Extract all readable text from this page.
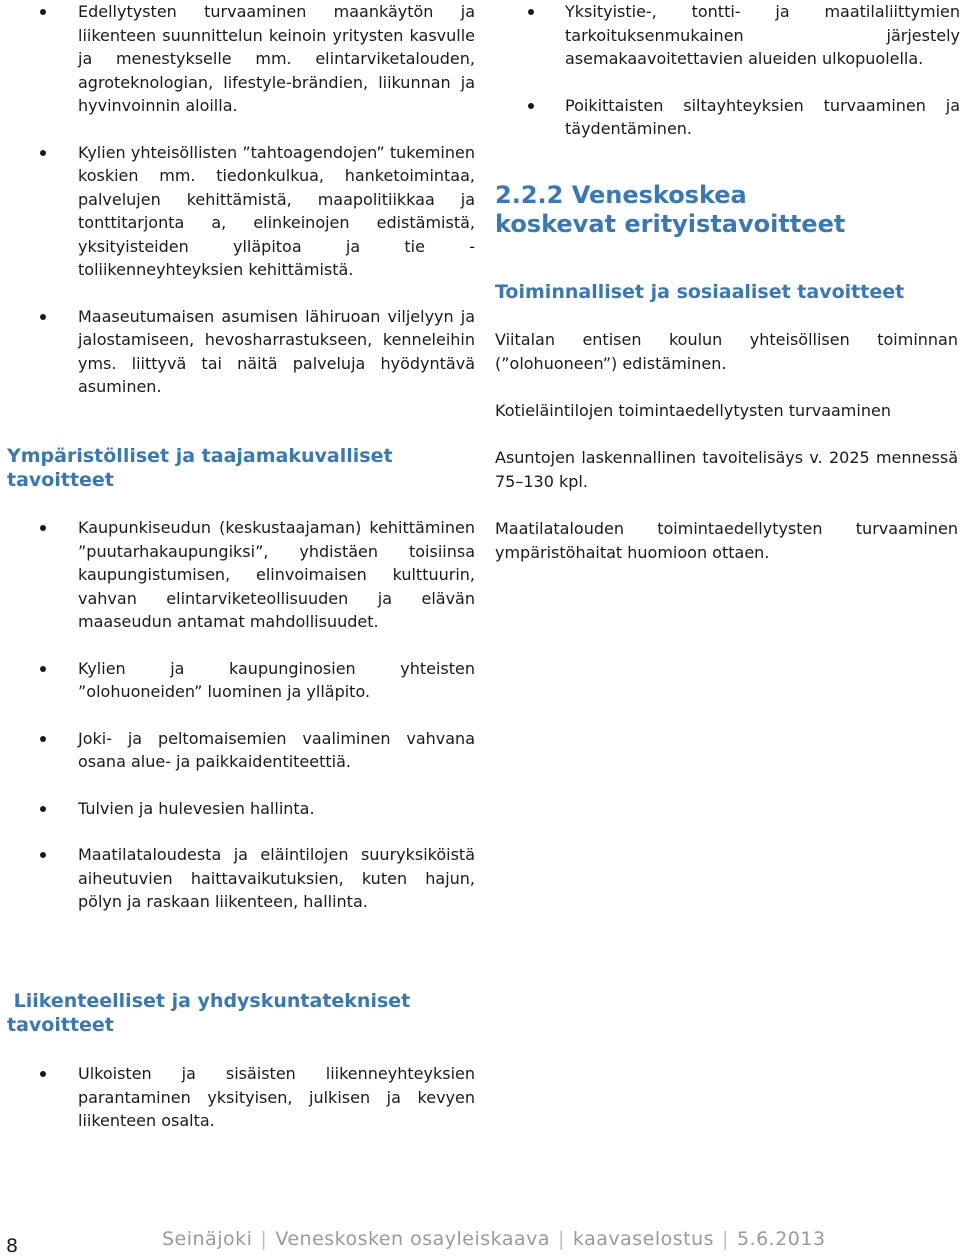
Edellytysten turvaaminen maankäytön ja liikenteen suunnittelun keinoin yritysten kasvulle ja menestykselle mm. elintarviketalouden, agroteknologian, lifestyle-brändien, liikunnan ja hyvinvoinnin aloilla.
Kylien yhteisöllisten ”tahtoagendojen” tukeminen koskien mm. tiedonkulkua, hanketoimintaa, palvelujen kehittämistä, maapolitiikkaa ja tonttitarjonta a, elinkeinojen edistämistä, yksityisteiden ylläpitoa ja tie -toliikenneyhteyksien kehittämistä.
Maaseutumaisen asumisen lähiruoan viljelyyn ja jalostamiseen, hevosharrastukseen, kenneleihin yms. liittyvä tai näitä palveluja hyödyntävä asuminen.
Ympäristölliset ja taajamakuvalliset tavoitteet
Kaupunkiseudun (keskustaajaman) kehittäminen ”puutarhakaupungiksi”, yhdistäen toisiinsa kaupungistumisen, elinvoimaisen kulttuurin, vahvan elintarviketeollisuuden ja elävän maaseudun antamat mahdollisuudet.
Kylien ja kaupunginosien yhteisten ”olohuoneiden” luominen ja ylläpito.
Joki- ja peltomaisemien vaaliminen vahvana osana alue- ja paikkaidentiteettiä.
Tulvien ja hulevesien hallinta.
Maatilataloudesta ja eläintilojen suuryksiköistä aiheutuvien haittavaikutuksien, kuten hajun, pölyn ja raskaan liikenteen, hallinta.
Liikenteelliset ja yhdyskuntatekniset tavoitteet
Ulkoisten ja sisäisten liikenneyhteyksien parantaminen yksityisen, julkisen ja kevyen liikenteen osalta.
Yksityistie-, tontti- ja maatilaliittymien tarkoituksenmukainen järjestely asemakaavoitettavien alueiden ulkopuolella.
Poikittaisten siltayhteyksien turvaaminen ja täydentäminen.
2.2.2 Veneskoskea koskevat erityistavoitteet
Toiminnalliset ja sosiaaliset tavoitteet

Viitalan entisen koulun yhteisöllisen toiminnan (”olohuoneen”) edistäminen.

Kotieläintilojen toimintaedellytysten turvaaminen

Asuntojen laskennallinen tavoitelisäys v. 2025 mennessä 75–130 kpl.

Maatilatalouden toimintaedellytysten turvaaminen ympäristöhaitat huomioon ottaen.

8	Seinäjoki | Veneskosken osayleiskaava | kaavaselostus | 5.6.2013
